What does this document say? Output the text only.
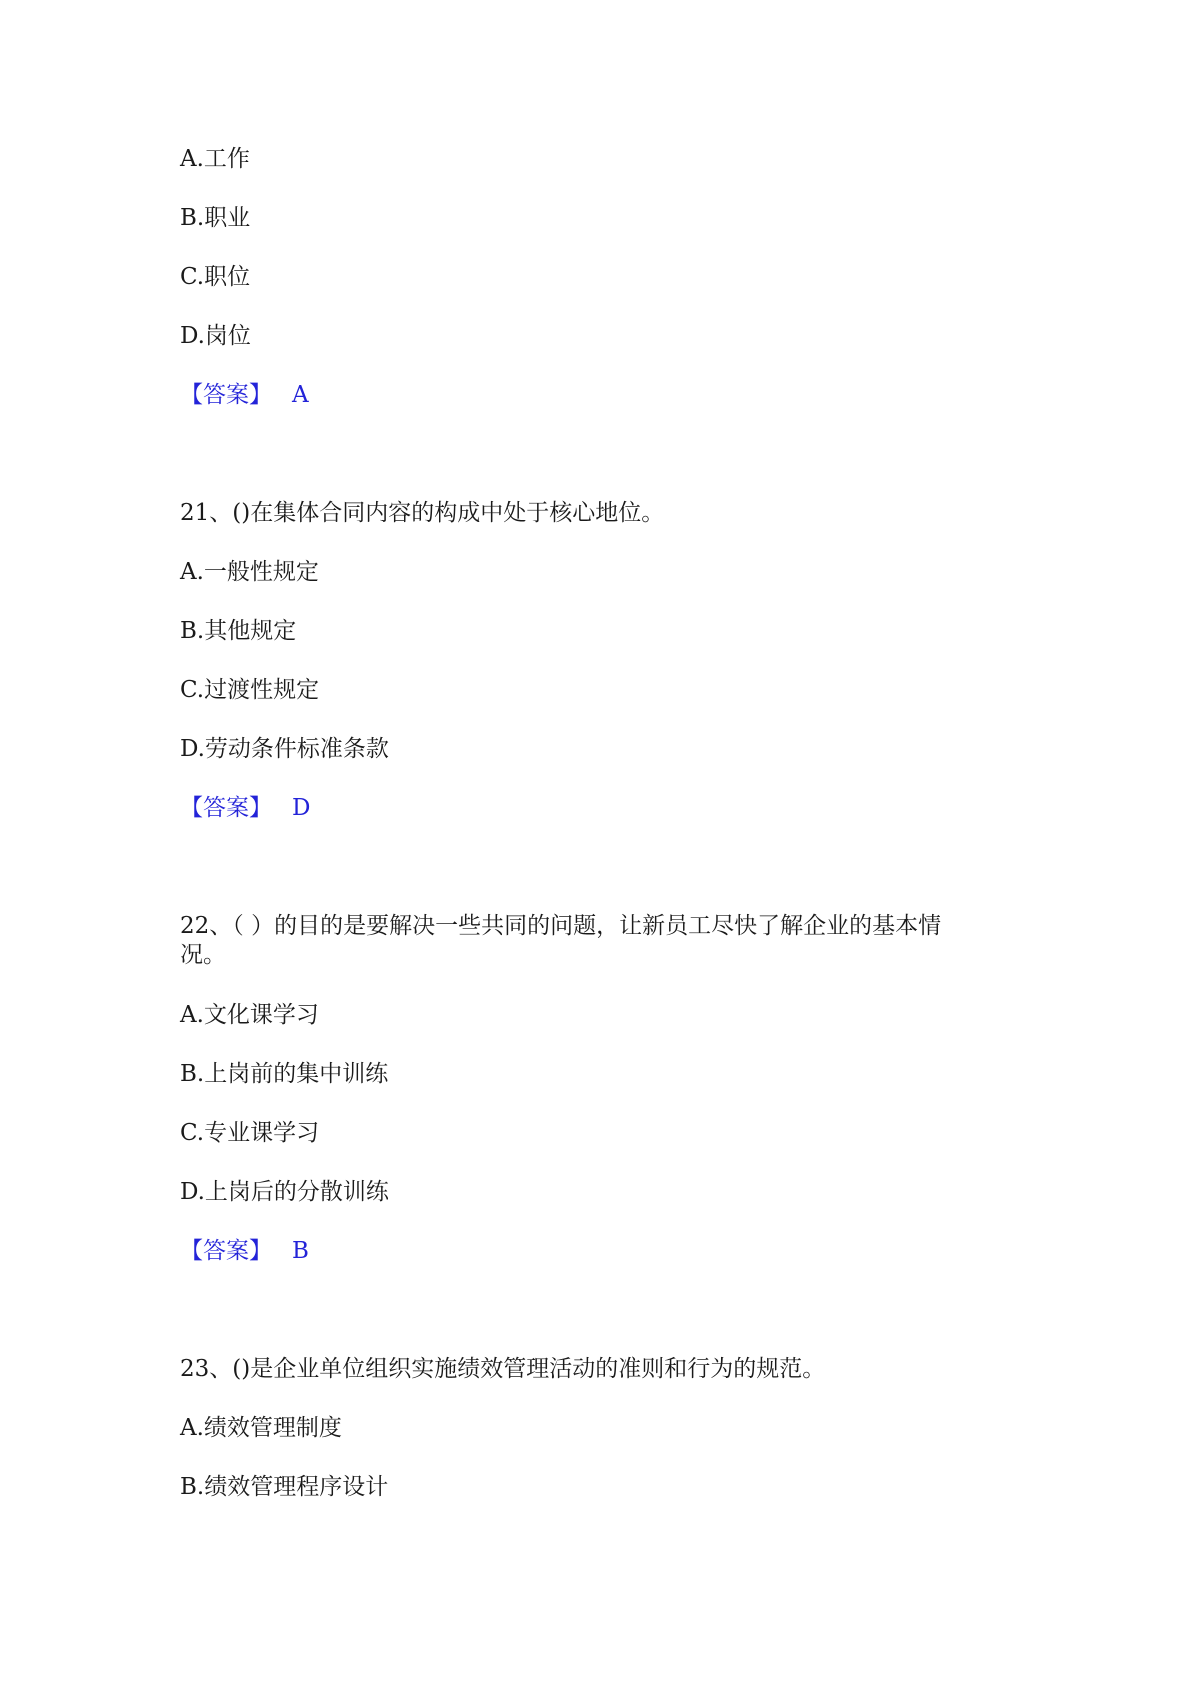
A.工作
B.职业
C.职位
D.岗位
【答案】 A
21、()在集体合同内容的构成中处于核心地位。
A.一般性规定
B.其他规定
C.过渡性规定
D.劳动条件标准条款
【答案】 D
22、（ ）的目的是要解决一些共同的问题，让新员工尽快了解企业的基本情
况。
A.文化课学习
B.上岗前的集中训练
C.专业课学习
D.上岗后的分散训练
【答案】 B
23、()是企业单位组织实施绩效管理活动的准则和行为的规范。
A.绩效管理制度
B.绩效管理程序设计
